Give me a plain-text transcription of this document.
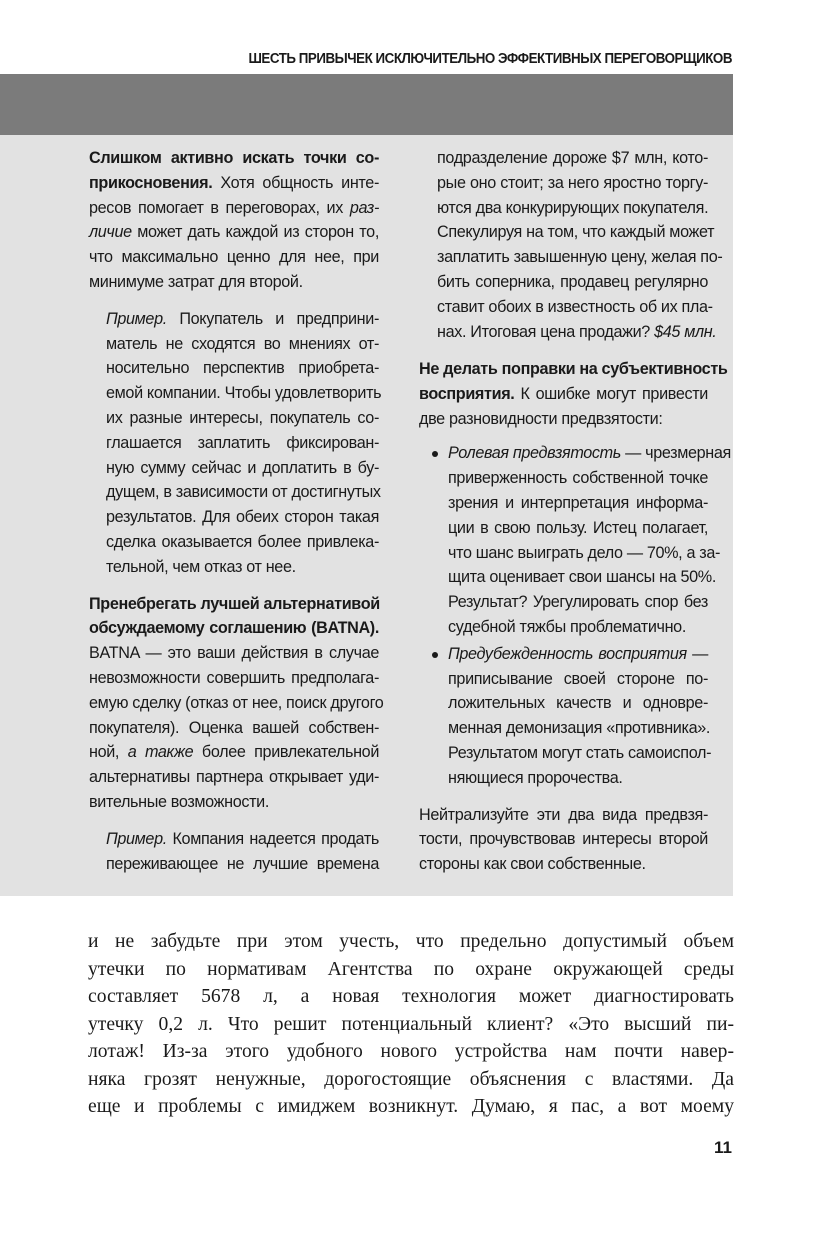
ШЕСТЬ ПРИВЫЧЕК ИСКЛЮЧИТЕЛЬНО ЭФФЕКТИВНЫХ ПЕРЕГОВОРЩИКОВ

Слишком активно искать точки со-
прикосновения. Хотя общность инте-
ресов помогает в переговорах, их раз-
личие может дать каждой из сторон то,
что максимально ценно для нее, при
минимуме затрат для второй.

Пример. Покупатель и предприни-
матель не сходятся во мнениях от-
носительно перспектив приобрета-
емой компании. Чтобы удовлетворить
их разные интересы, покупатель со-
глашается заплатить фиксирован-
ную сумму сейчас и доплатить в бу-
дущем, в зависимости от достигнутых
результатов. Для обеих сторон такая
сделка оказывается более привлека-
тельной, чем отказ от нее.

Пренебрегать лучшей альтернативой
обсуждаемому соглашению (BATNA).
BATNA — это ваши действия в случае
невозможности совершить предполага-
емую сделку (отказ от нее, поиск другого
покупателя). Оценка вашей собствен-
ной, а также более привлекательной
альтернативы партнера открывает уди-
вительные возможности.

Пример. Компания надеется продать
переживающее не лучшие времена

подразделение дороже $7 млн, кото-
рые оно стоит; за него яростно торгу-
ются два конкурирующих покупателя.
Спекулируя на том, что каждый может
заплатить завышенную цену, желая по-
бить соперника, продавец регулярно
ставит обоих в известность об их пла-
нах. Итоговая цена продажи? $45 млн.

Не делать поправки на субъективность
восприятия. К ошибке могут привести
две разновидности предвзятости:

Ролевая предвзятость — чрезмерная
приверженность собственной точке
зрения и интерпретация информа-
ции в свою пользу. Истец полагает,
что шанс выиграть дело — 70%, а за-
щита оценивает свои шансы на 50%.
Результат? Урегулировать спор без
судебной тяжбы проблематично.
Предубежденность восприятия —
приписывание своей стороне по-
ложительных качеств и одновре-
менная демонизация «противника».
Результатом могут стать самоиспол-
няющиеся пророчества.

Нейтрализуйте эти два вида предвзя-
тости, прочувствовав интересы второй
стороны как свои собственные.

и не забудьте при этом учесть, что предельно допустимый объем
утечки по нормативам Агентства по охране окружающей среды
составляет 5678 л, а новая технология может диагностировать
утечку 0,2 л. Что решит потенциальный клиент? «Это высший пи-
лотаж! Из-за этого удобного нового устройства нам почти навер-
няка грозят ненужные, дорогостоящие объяснения с властями. Да
еще и проблемы с имиджем возникнут. Думаю, я пас, а вот моему
11
